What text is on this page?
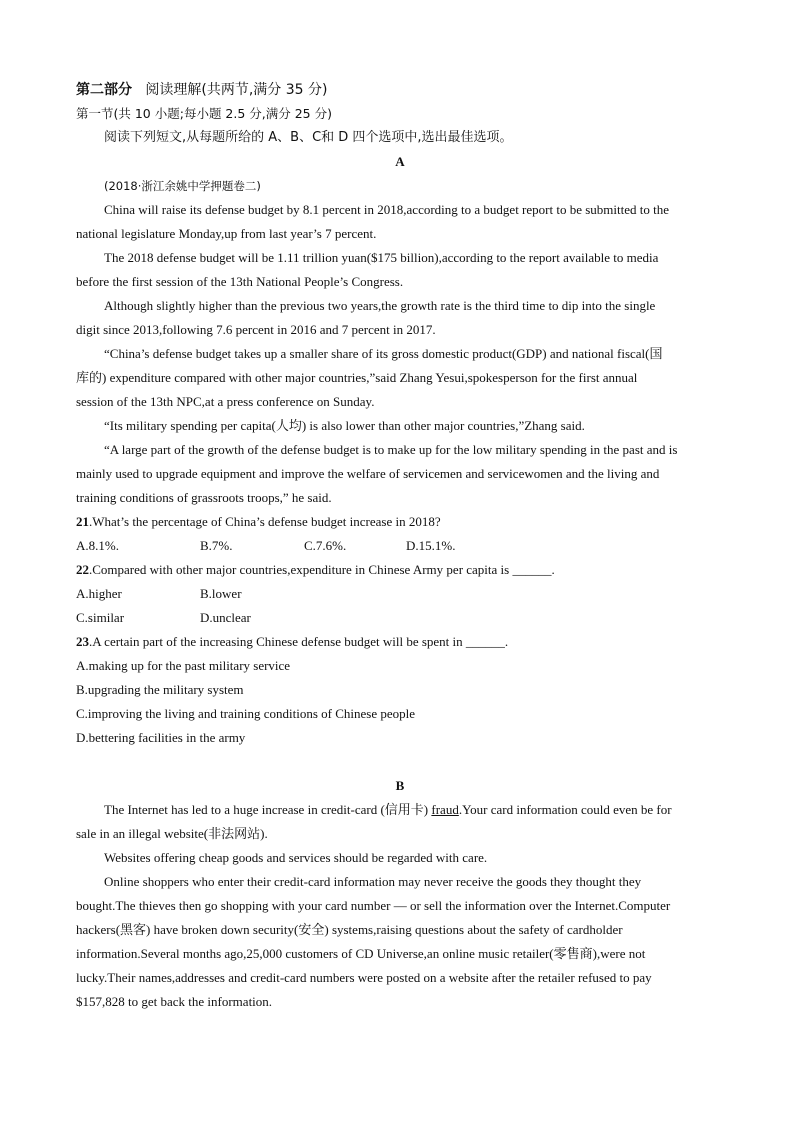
第二部分 阅读理解(共两节,满分 35 分)
第一节(共 10 小题;每小题 2.5 分,满分 25 分)
阅读下列短文,从每题所给的 A、B、C和 D 四个选项中,选出最佳选项。
A
(2018·浙江余姚中学押题卷二)
China will raise its defense budget by 8.1 percent in 2018,according to a budget report to be submitted to the
national legislature Monday,up from last year’s 7 percent.
The 2018 defense budget will be 1.11 trillion yuan($175 billion),according to the report available to media
before the first session of the 13th National People’s Congress.
Although slightly higher than the previous two years,the growth rate is the third time to dip into the single
digit since 2013,following 7.6 percent in 2016 and 7 percent in 2017.
“China’s defense budget takes up a smaller share of its gross domestic product(GDP) and national fiscal(国
库的) expenditure compared with other major countries,”said Zhang Yesui,spokesperson for the first annual
session of the 13th NPC,at a press conference on Sunday.
“Its military spending per capita(人均) is also lower than other major countries,”Zhang said.
“A large part of the growth of the defense budget is to make up for the low military spending in the past and is
mainly used to upgrade equipment and improve the welfare of servicemen and servicewomen and the living and
training conditions of grassroots troops,” he said.
21.What’s the percentage of China’s defense budget increase in 2018?
A.8.1%.	B.7%.	C.7.6%.	D.15.1%.
22.Compared with other major countries,expenditure in Chinese Army per capita is ______.
A.higher	B.lower
C.similar	D.unclear
23.A certain part of the increasing Chinese defense budget will be spent in ______.
A.making up for the past military service
B.upgrading the military system
C.improving the living and training conditions of Chinese people
D.bettering facilities in the army
B
The Internet has led to a huge increase in credit-card (信用卡) fraud.Your card information could even be for
sale in an illegal website(非法网站).
Websites offering cheap goods and services should be regarded with care.
Online shoppers who enter their credit-card information may never receive the goods they thought they
bought.The thieves then go shopping with your card number — or sell the information over the Internet.Computer
hackers(黑客) have broken down security(安全) systems,raising questions about the safety of cardholder
information.Several months ago,25,000 customers of CD Universe,an online music retailer(零售商),were not
lucky.Their names,addresses and credit-card numbers were posted on a website after the retailer refused to pay
$157,828 to get back the information.
